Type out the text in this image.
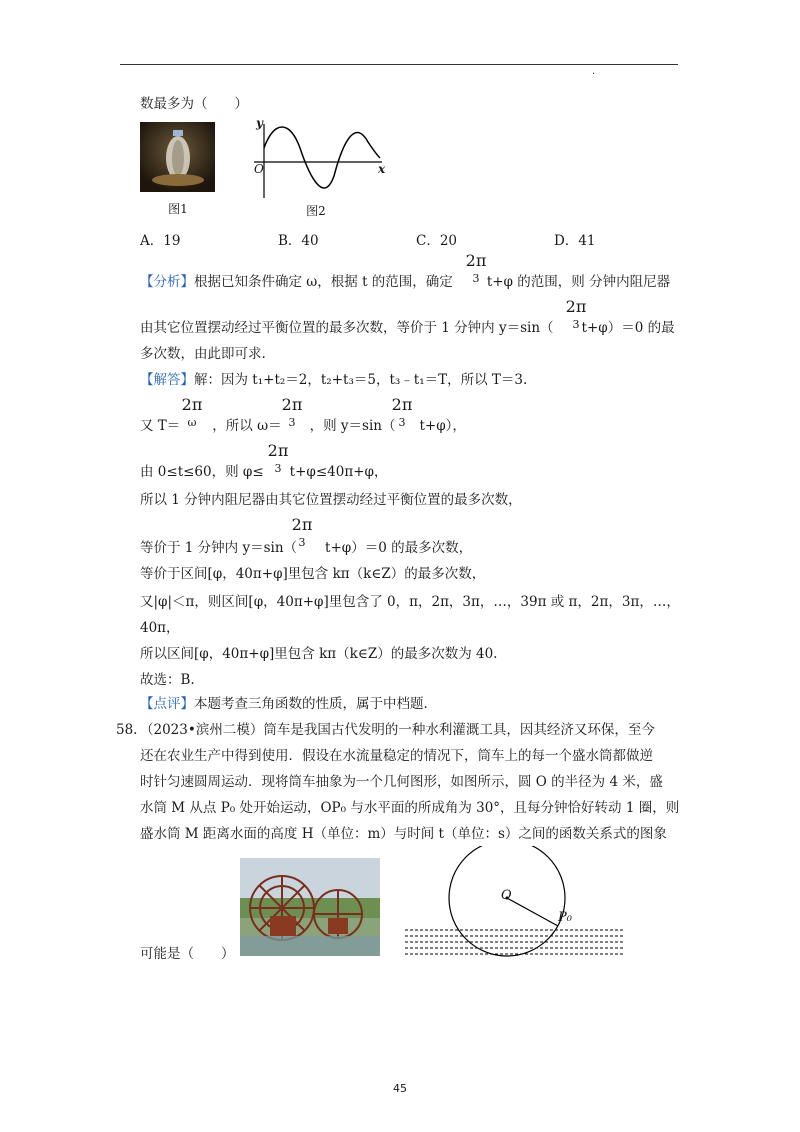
.
数最多为（　　）
图1
y
O	x
图2
A．19	B．40	C．20	D．41
2π
3
【分析】根据已知条件确定 ω，根据 t 的范围，确定	t+φ 的范围，则 分钟内阻尼器
2π
3
由其它位置摆动经过平衡位置的最多次数，等价于 1 分钟内 y＝sin（ t+φ）＝0 的最
多次数，由此即可求.
【解答】解：因为 t₁+t₂＝2，t₂+t₃＝5，t₃﹣t₁＝T，所以 T＝3.
2π
ω
2π
3
2π
3
又 T＝ ，所以 ω＝ ，则 y＝sin（ t+φ），
2π
3
由 0≤t≤60，则 φ≤ t+φ≤40π+φ，
所以 1 分钟内阻尼器由其它位置摆动经过平衡位置的最多次数，
2π
3
等价于 1 分钟内 y＝sin（ t+φ）＝0 的最多次数，
等价于区间[φ，40π+φ]里包含 kπ（k∈Z）的最多次数，
又|φ|＜π，则区间[φ，40π+φ]里包含了 0，π，2π，3π，…，39π 或 π，2π，3π，…，
40π，
所以区间[φ，40π+φ]里包含 kπ（k∈Z）的最多次数为 40.
故选：B.
【点评】本题考查三角函数的性质，属于中档题.
58. （2023•滨州二模）筒车是我国古代发明的一种水利灌溉工具，因其经济又环保，至今
还在农业生产中得到使用．假设在水流量稳定的情况下，筒车上的每一个盛水筒都做逆
时针匀速圆周运动．现将筒车抽象为一个几何图形，如图所示，圆 O 的半径为 4 米，盛
水筒 M 从点 P₀ 处开始运动，OP₀ 与水平面的所成角为 30°，且每分钟恰好转动 1 圈，则
盛水筒 M 距离水面的高度 H（单位：m）与时间 t（单位：s）之间的函数关系式的图象
O
P₀
可能是（　　）
45
